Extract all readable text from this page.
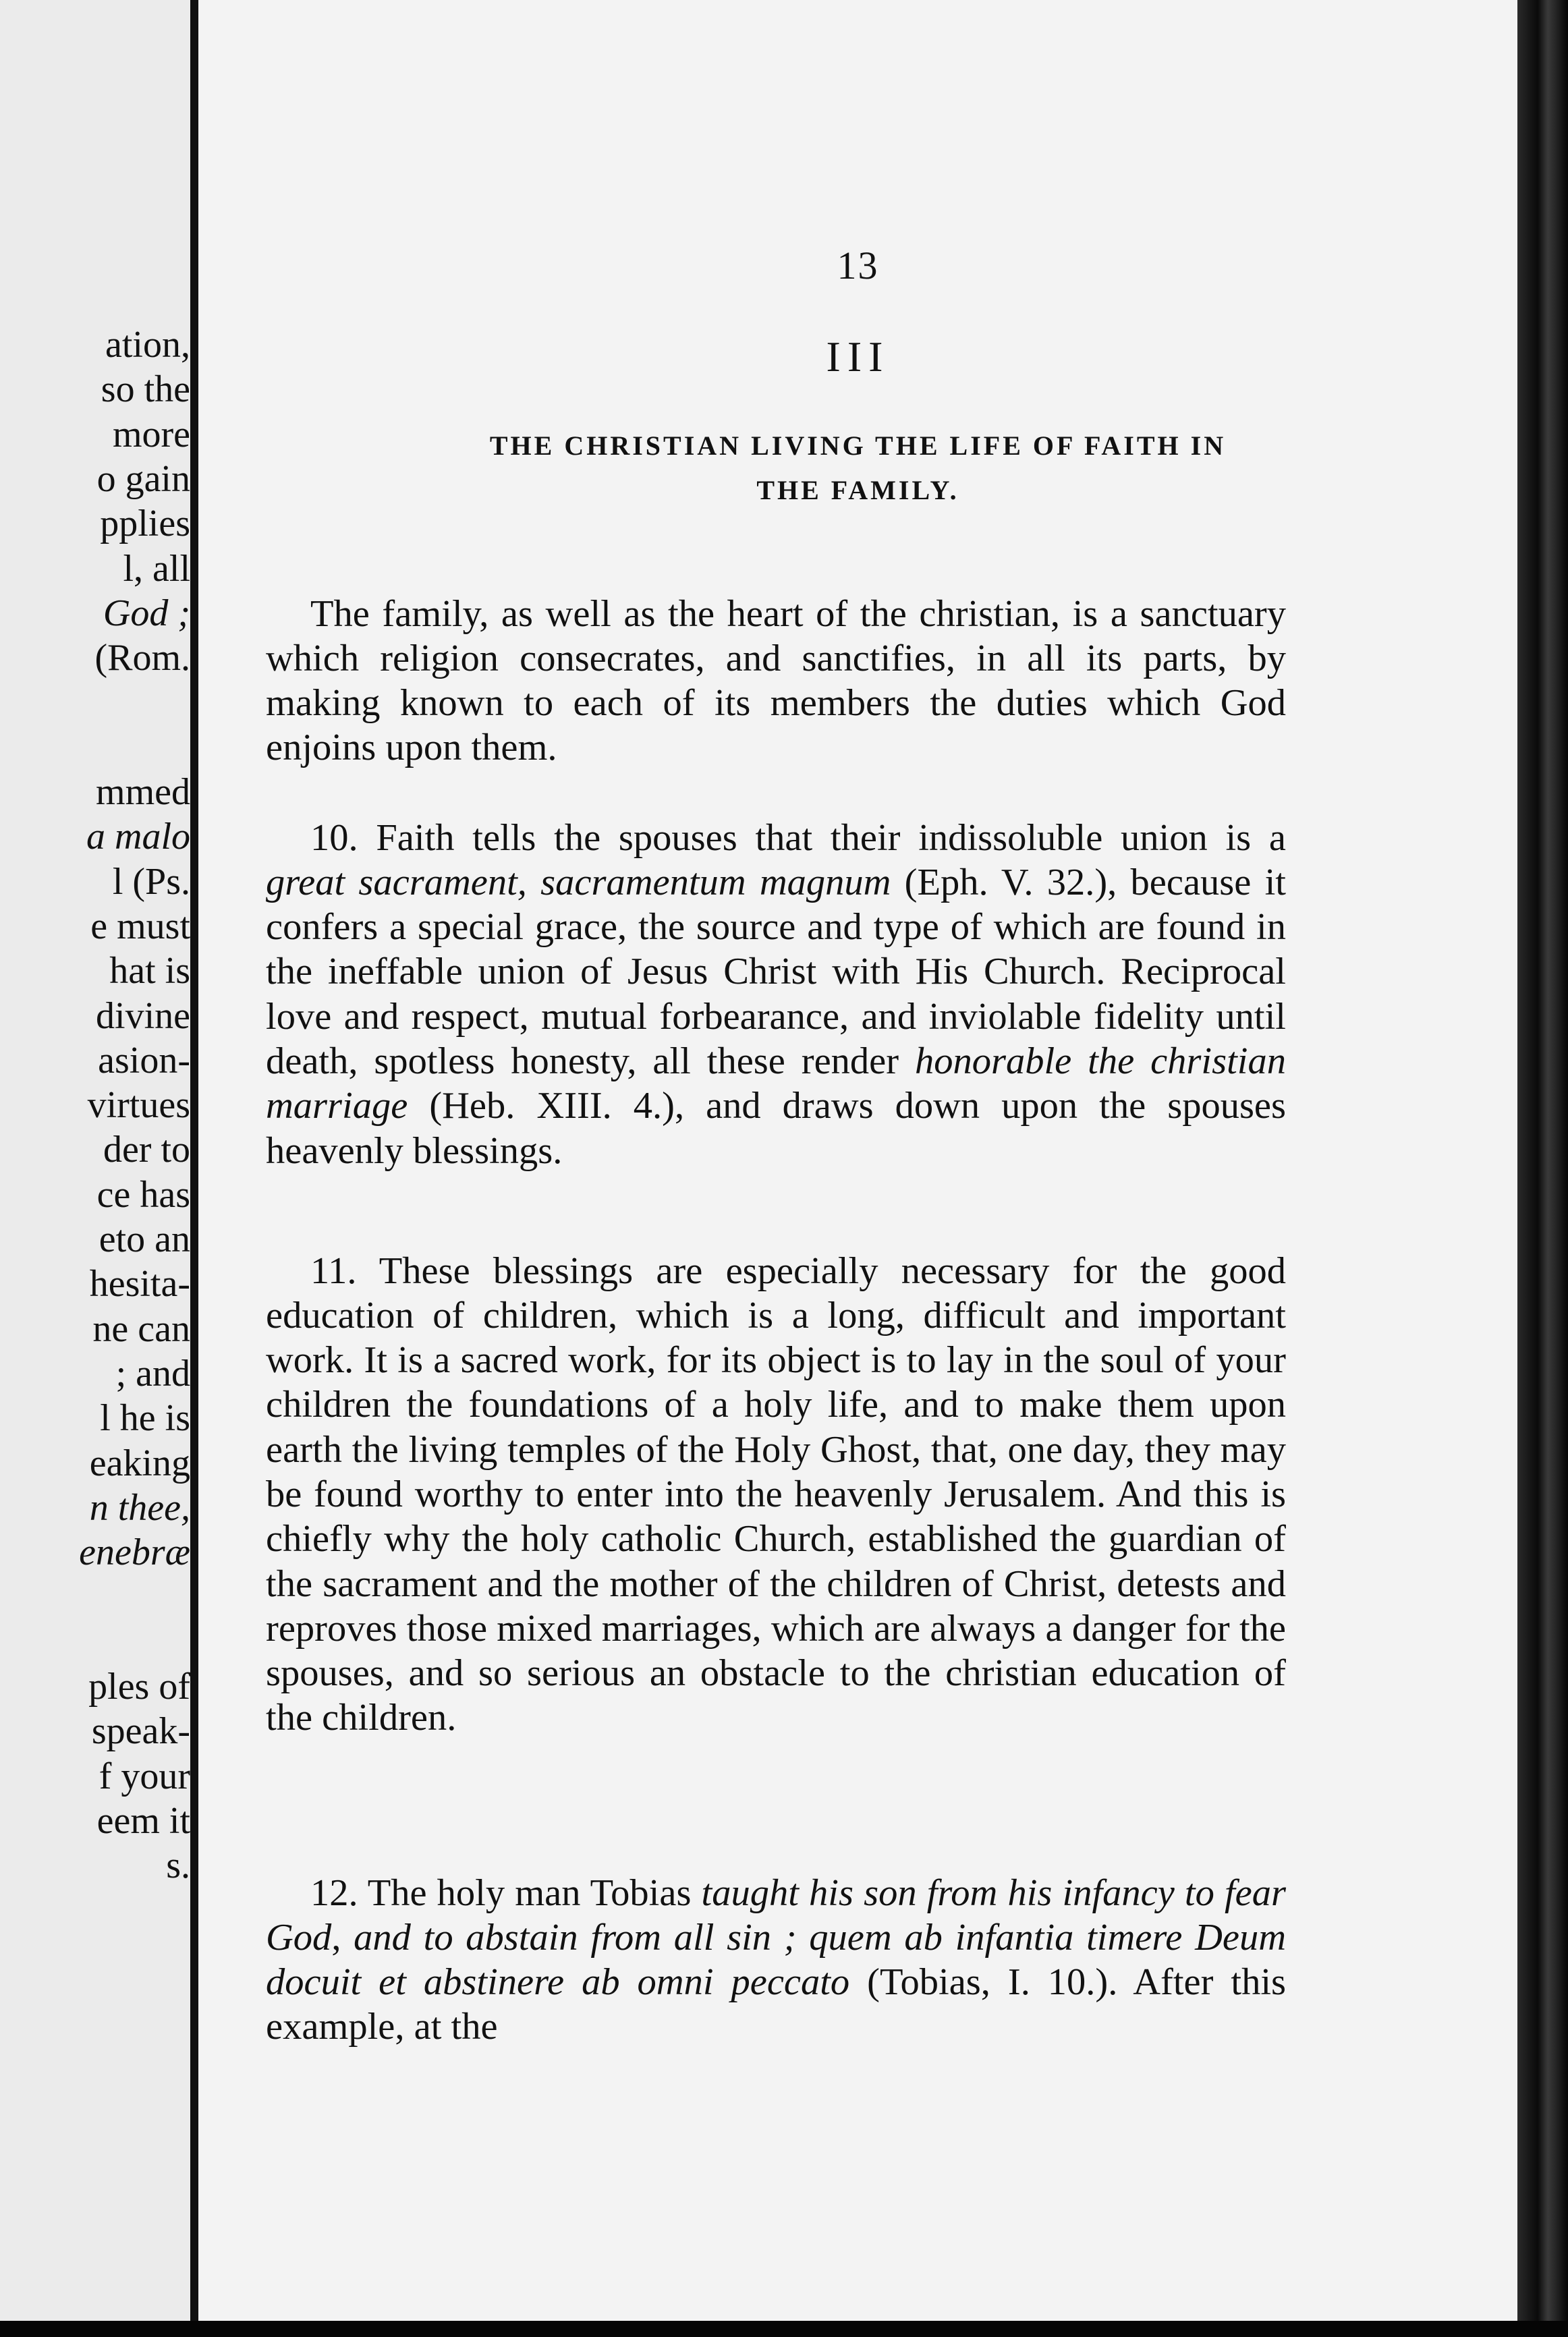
ation,
so the
more
o gain
pplies
l, all
God ;
(Rom.
mmed
a malo
l (Ps.
e must
hat is
divine
asion-
virtues
der to
ce has
eto an
hesita-
ne can
; and
l he is
eaking
n thee,
enebræ
ples of
speak-
f your
eem it
s.
13
III
THE CHRISTIAN LIVING THE LIFE OF FAITH IN
THE FAMILY.

The family, as well as the heart of the christian, is a sanctuary which religion consecrates, and sanctifies, in all its parts, by making known to each of its members the duties which God enjoins upon them.

10. Faith tells the spouses that their indissoluble union is a great sacrament, sacramentum magnum (Eph. V. 32.), because it confers a special grace, the source and type of which are found in the ineffable union of Jesus Christ with His Church. Reciprocal love and respect, mutual forbearance, and inviolable fidelity until death, spotless honesty, all these render honorable the christian marriage (Heb. XIII. 4.), and draws down upon the spouses heavenly blessings.

11. These blessings are especially necessary for the good education of children, which is a long, difficult and important work. It is a sacred work, for its object is to lay in the soul of your children the foundations of a holy life, and to make them upon earth the living temples of the Holy Ghost, that, one day, they may be found worthy to enter into the heavenly Jerusalem. And this is chiefly why the holy catholic Church, established the guardian of the sacrament and the mother of the children of Christ, detests and reproves those mixed marriages, which are always a danger for the spouses, and so serious an obstacle to the christian education of the children.

12. The holy man Tobias taught his son from his infancy to fear God, and to abstain from all sin ; quem ab infantia timere Deum docuit et abstinere ab omni peccato (Tobias, I. 10.). After this example, at the
